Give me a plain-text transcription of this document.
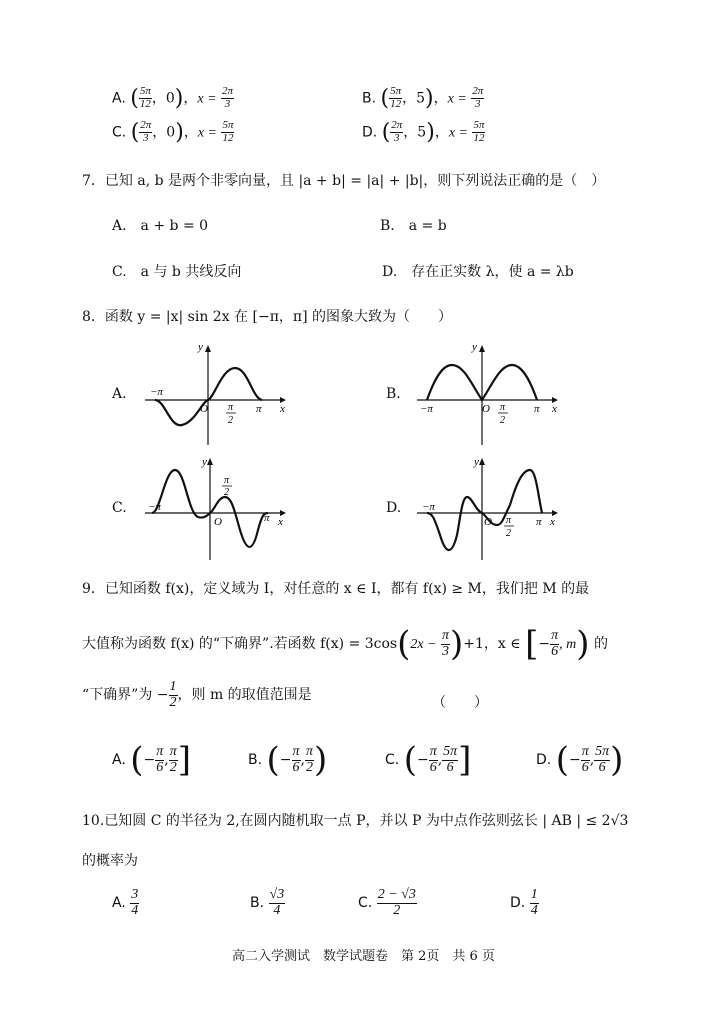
A. ( $\frac{5\pi}{12}$ ，0)，$x = \frac{2\pi}{3}$	B. ( $\frac{5\pi}{12}$ ，5)，$x = \frac{2\pi}{3}$
C. ( $\frac{2\pi}{3}$ ，0)，$x = \frac{5\pi}{12}$	D. ( $\frac{2\pi}{3}$ ，5)，$x = \frac{5\pi}{12}$
7．已知 a, b 是两个非零向量，且 |a + b| = |a| + |b|，则下列说法正确的是（　）
A.　a + b = 0	B.　a = b
C.　a 与 b 共线反向	D.　存在正实数 λ，使 a = λb
8．函数 y = |x| sin 2x 在 [−π，π] 的图象大致为（　　）
A.	B.
C.	D.
−π
y
O	x
π
π
2
−π
y
O	x
π
π
2
−π
y
O	x
π
π
2
−π
y
O	x
π
π
2
9．已知函数 f(x)，定义域为 I，对任意的 x ∈ I，都有 f(x) ≥ M，我们把 M 的最
大值称为函数 f(x) 的“下确界”.若函数 $f(x) = 3\cos(2x - \frac{\pi}{3} )+1$，x ∈ [− $\frac{\pi}{6}$ , m) 的
“下确界”为 − $\frac{1}{2}$ ，则 m 的取值范围是	（　　）
A. (− $\frac{\pi}{6}$ , $\frac{\pi}{2}$ ]	B. (− $\frac{\pi}{6}$ , $\frac{\pi}{2}$ )	C. (− $\frac{\pi}{6}$ , $\frac{5\pi}{6}$ ]	D. (− $\frac{\pi}{6}$ , $\frac{5\pi}{6}$ )
10.已知圆 C 的半径为 2,在圆内随机取一点 P，并以 P 为中点作弦则弦长 | AB | ≤ 2√3
的概率为
A. $\frac{3}{4}$	B. $\frac{√3}{4}$	C. $\frac{2 - √3}{2}$	D. $\frac{1}{4}$
高二入学测试　数学试题卷　第 2页　共 6 页
